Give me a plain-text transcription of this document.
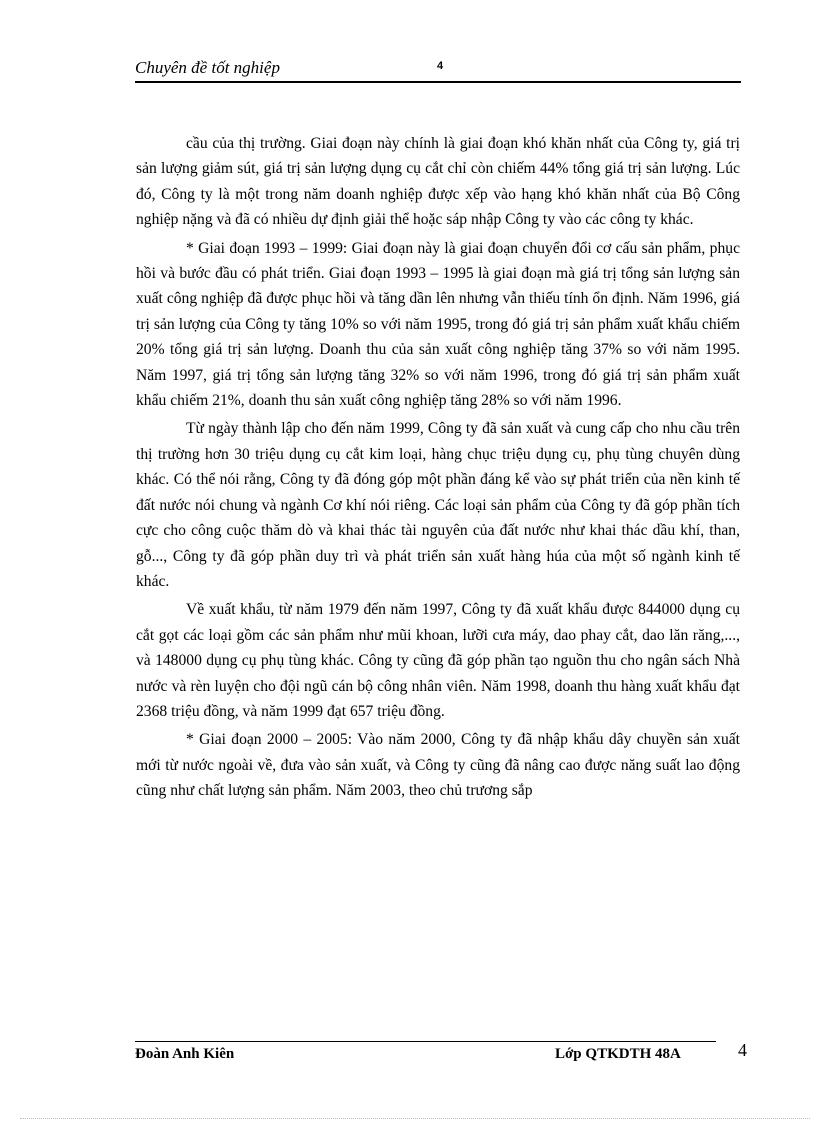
Chuyên đề tốt nghiệp	4

cầu của thị trường. Giai đoạn này chính là giai đoạn khó khăn nhất của Công ty, giá trị sản lượng giảm sút, giá trị sản lượng dụng cụ cắt chỉ còn chiếm 44% tổng giá trị sản lượng. Lúc đó, Công ty là một trong năm doanh nghiệp được xếp vào hạng khó khăn nhất của Bộ Công nghiệp nặng và đã có nhiều dự định giải thể hoặc sáp nhập Công ty vào các công ty khác.

* Giai đoạn 1993 – 1999: Giai đoạn này là giai đoạn chuyển đổi cơ cấu sản phẩm, phục hồi và bước đầu có phát triển. Giai đoạn 1993 – 1995 là giai đoạn mà giá trị tổng sản lượng sản xuất công nghiệp đã được phục hồi và tăng dần lên nhưng vẫn thiếu tính ổn định. Năm 1996, giá trị sản lượng của Công ty tăng 10% so với năm 1995, trong đó giá trị sản phẩm xuất khẩu chiếm 20% tổng giá trị sản lượng. Doanh thu của sản xuất công nghiệp tăng 37% so với năm 1995. Năm 1997, giá trị tổng sản lượng tăng 32% so với năm 1996, trong đó giá trị sản phẩm xuất khẩu chiếm 21%, doanh thu sản xuất công nghiệp tăng 28% so với năm 1996.

Từ ngày thành lập cho đến năm 1999, Công ty đã sản xuất và cung cấp cho nhu cầu trên thị trường hơn 30 triệu dụng cụ cắt kim loại, hàng chục triệu dụng cụ, phụ tùng chuyên dùng khác. Có thể nói rằng, Công ty đã đóng góp một phần đáng kể vào sự phát triển của nền kinh tế đất nước nói chung và ngành Cơ khí nói riêng. Các loại sản phẩm của Công ty đã góp phần tích cực cho công cuộc thăm dò và khai thác tài nguyên của đất nước như khai thác dầu khí, than, gỗ..., Công ty đã góp phần duy trì và phát triển sản xuất hàng húa của một số ngành kinh tế khác.

Về xuất khẩu, từ năm 1979 đến năm 1997, Công ty đã xuất khẩu được 844000 dụng cụ cắt gọt các loại gồm các sản phẩm như mũi khoan, lưỡi cưa máy, dao phay cắt, dao lăn răng,..., và 148000 dụng cụ phụ tùng khác. Công ty cũng đã góp phần tạo nguồn thu cho ngân sách Nhà nước và rèn luyện cho đội ngũ cán bộ công nhân viên. Năm 1998, doanh thu hàng xuất khẩu đạt 2368 triệu đồng, và năm 1999 đạt 657 triệu đồng.

* Giai đoạn 2000 – 2005: Vào năm 2000, Công ty đã nhập khẩu dây chuyền sản xuất mới từ nước ngoài về, đưa vào sản xuất, và Công ty cũng đã nâng cao được năng suất lao động cũng như chất lượng sản phẩm. Năm 2003, theo chủ trương sắp

Đoàn Anh Kiên	Lớp QTKDTH 48A	4
